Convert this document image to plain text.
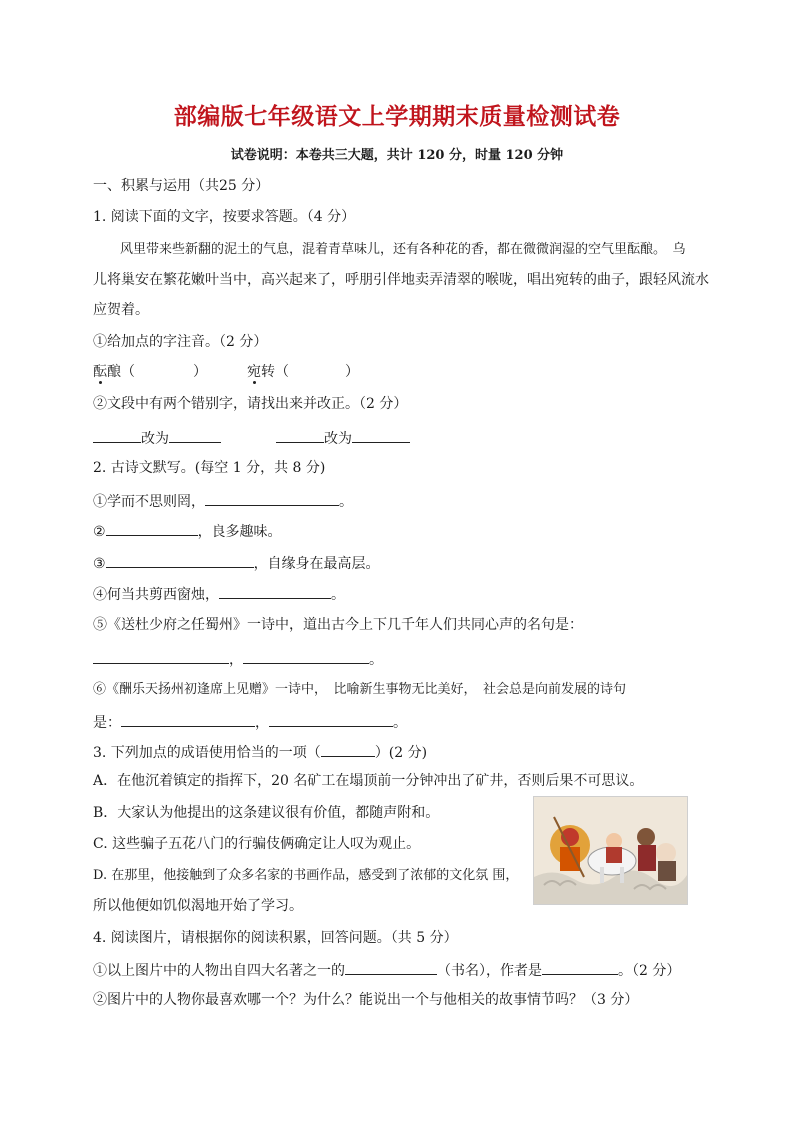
部编版七年级语文上学期期末质量检测试卷
试卷说明：本卷共三大题，共计 120 分，时量 120 分钟
一、积累与运用（共25 分）
1. 阅读下面的文字，按要求答题。（4 分）
风里带来些新翻的泥土的气息，混着青草味儿，还有各种花的香，都在微微润湿的空气里酝酿。　乌
儿将巢安在繁花嫩叶当中，高兴起来了，呼朋引伴地卖弄清翠的喉咙，唱出宛转的曲子，跟轻风流水
应贺着。
①给加点的字注音。（2 分）
酝酿（	）	宛转（	）
②文段中有两个错别字，请找出来并改正。（2 分）
改为	改为
2. 古诗文默写。(每空 1 分，共 8 分)
①学而不思则罔，	。
②	，良多趣味。
③	，自缘身在最高层。
④何当共剪西窗烛，	。
⑤《送杜少府之任蜀州》一诗中，道出古今上下几千年人们共同心声的名句是：
，	。
⑥《酬乐天扬州初逢席上见赠》一诗中，　比喻新生事物无比美好，　社会总是向前发展的诗句
是：	，	。
3. 下列加点的成语使用恰当的一项（	）(2 分)
A．在他沉着镇定的指挥下，20 名矿工在塌顶前一分钟冲出了矿井，否则后果不可思议。
B．大家认为他提出的这条建议很有价值，都随声附和。
C. 这些骗子五花八门的行骗伎俩确定让人叹为观止。
D. 在那里，他接触到了众多名家的书画作品，感受到了浓郁的文化氛 围，
所以他便如饥似渴地开始了学习。
4. 阅读图片，请根据你的阅读积累，回答问题。（共 5 分）
①以上图片中的人物出自四大名著之一的	（书名），作者是	。（2 分）
②图片中的人物你最喜欢哪一个？为什么？能说出一个与他相关的故事情节吗？（3 分）
